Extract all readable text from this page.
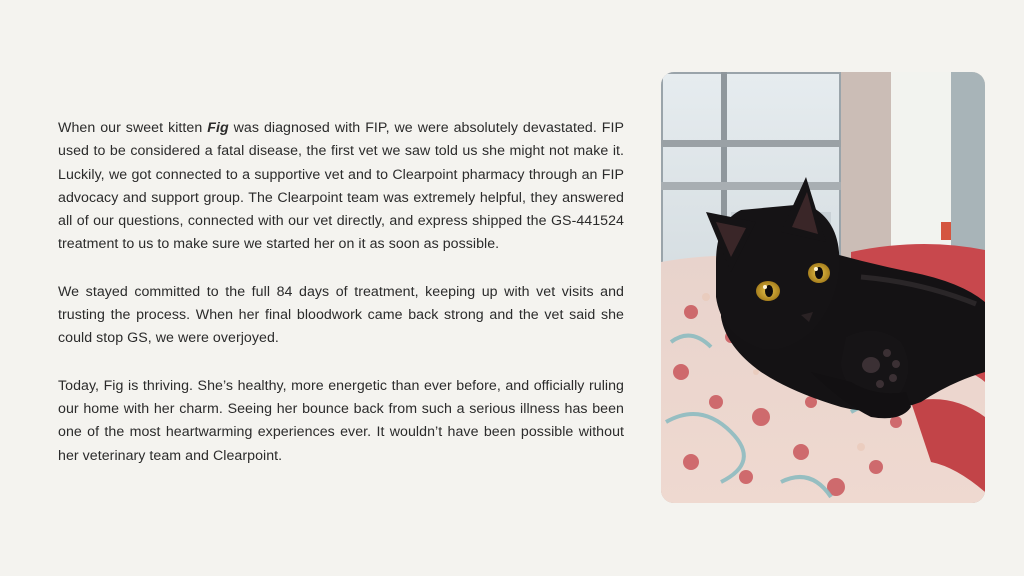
When our sweet kitten Fig was diagnosed with FIP, we were absolutely devastated. FIP used to be considered a fatal disease, the first vet we saw told us she might not make it. Luckily, we got connected to a supportive vet and to Clearpoint pharmacy through an FIP advocacy and support group. The Clearpoint team was extremely helpful, they answered all of our questions, connected with our vet directly, and express shipped the GS-441524 treatment to us to make sure we started her on it as soon as possible.

We stayed committed to the full 84 days of treatment, keeping up with vet visits and trusting the process. When her final bloodwork came back strong and the vet said she could stop GS, we were overjoyed.

Today, Fig is thriving. She’s healthy, more energetic than ever before, and officially ruling our home with her charm. Seeing her bounce back from such a serious illness has been one of the most heartwarming experiences ever. It wouldn’t have been possible without her veterinary team and Clearpoint.
